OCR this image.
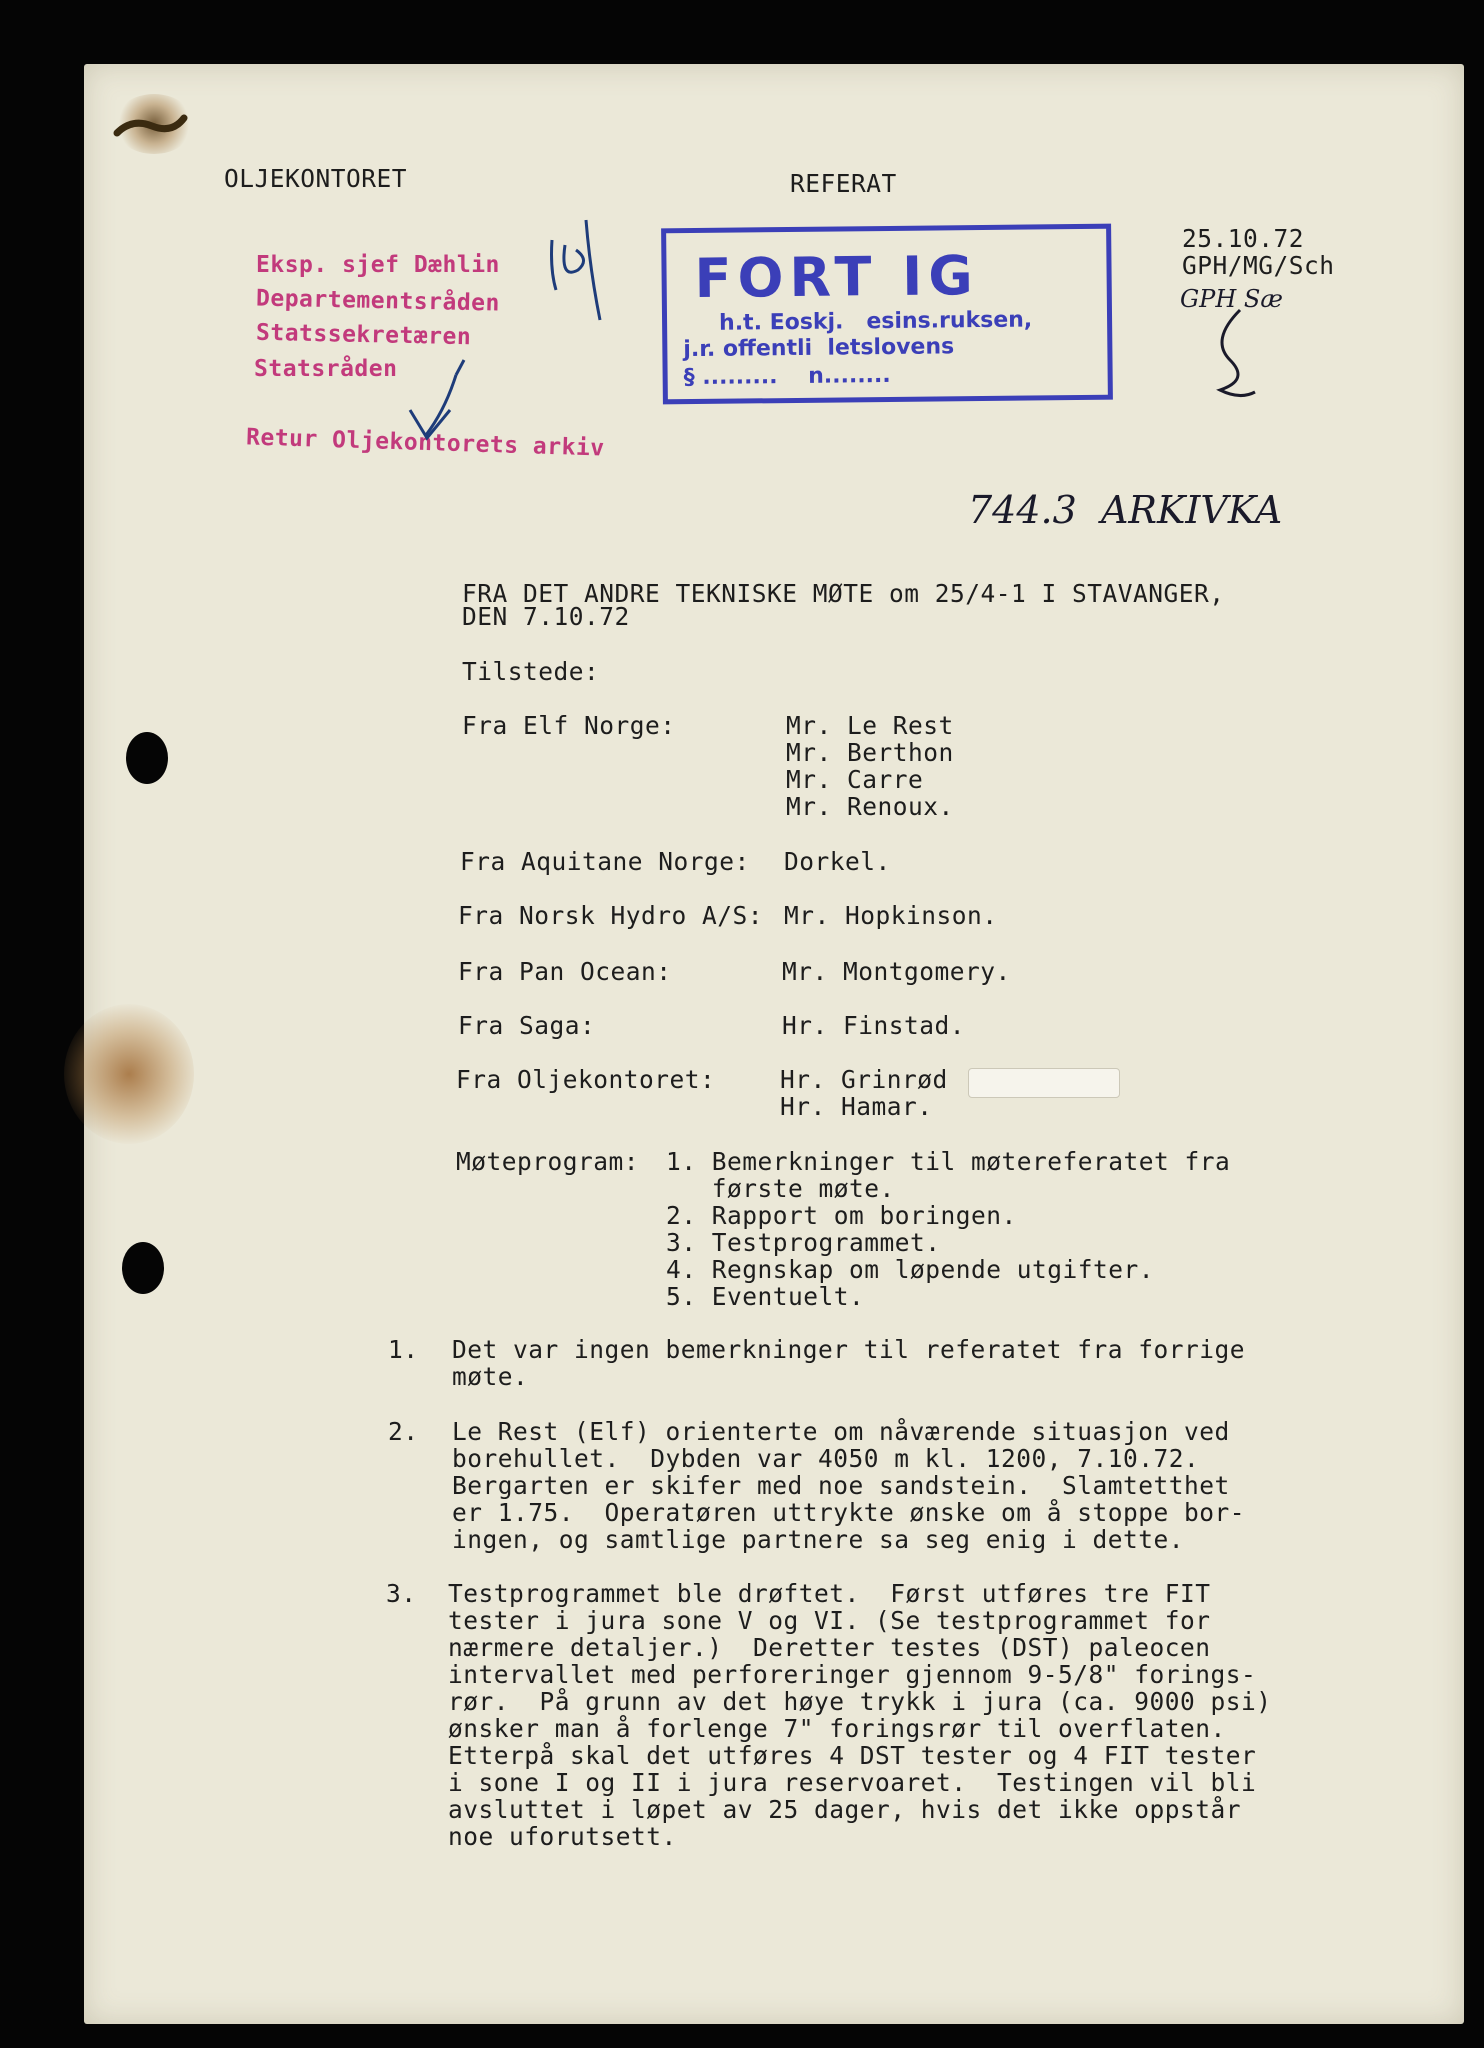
OLJEKONTORET	REFERAT
25.10.72
GPH/MG/Sch
GPH Sæ
Eksp. sjef Dæhlin
Departementsråden
Statssekretæren
Statsråden
Retur Oljekontorets arkiv
FORT IG
h.t. Eoskj.   esins.ruksen,
j.r. offentli  letslovens
§ .........    n........
744.3  ARKIVKA
FRA DET ANDRE TEKNISKE MØTE om 25/4-1 I STAVANGER,
DEN 7.10.72
Tilstede:
Fra Elf Norge:	Mr. Le Rest
Mr. Berthon
Mr. Carre
Mr. Renoux.
Fra Aquitane Norge: Dorkel.
Fra Norsk Hydro A/S: Mr. Hopkinson.
Fra Pan Ocean:	Mr. Montgomery.
Fra Saga:	Hr. Finstad.
Fra Oljekontoret:	Hr. Grinrød
Hr. Hamar.
Møteprogram: 1. Bemerkninger til møtereferatet fra
første møte.
2. Rapport om boringen.
3. Testprogrammet.
4. Regnskap om løpende utgifter.
5. Eventuelt.
1. Det var ingen bemerkninger til referatet fra forrige
møte.
2. Le Rest (Elf) orienterte om nåværende situasjon ved
borehullet.  Dybden var 4050 m kl. 1200, 7.10.72.
Bergarten er skifer med noe sandstein.  Slamtetthet
er 1.75.  Operatøren uttrykte ønske om å stoppe bor-
ingen, og samtlige partnere sa seg enig i dette.
3. Testprogrammet ble drøftet.  Først utføres tre FIT
tester i jura sone V og VI. (Se testprogrammet for
nærmere detaljer.)  Deretter testes (DST) paleocen
intervallet med perforeringer gjennom 9-5/8" forings-
rør.  På grunn av det høye trykk i jura (ca. 9000 psi)
ønsker man å forlenge 7" foringsrør til overflaten.
Etterpå skal det utføres 4 DST tester og 4 FIT tester
i sone I og II i jura reservoaret.  Testingen vil bli
avsluttet i løpet av 25 dager, hvis det ikke oppstår
noe uforutsett.
